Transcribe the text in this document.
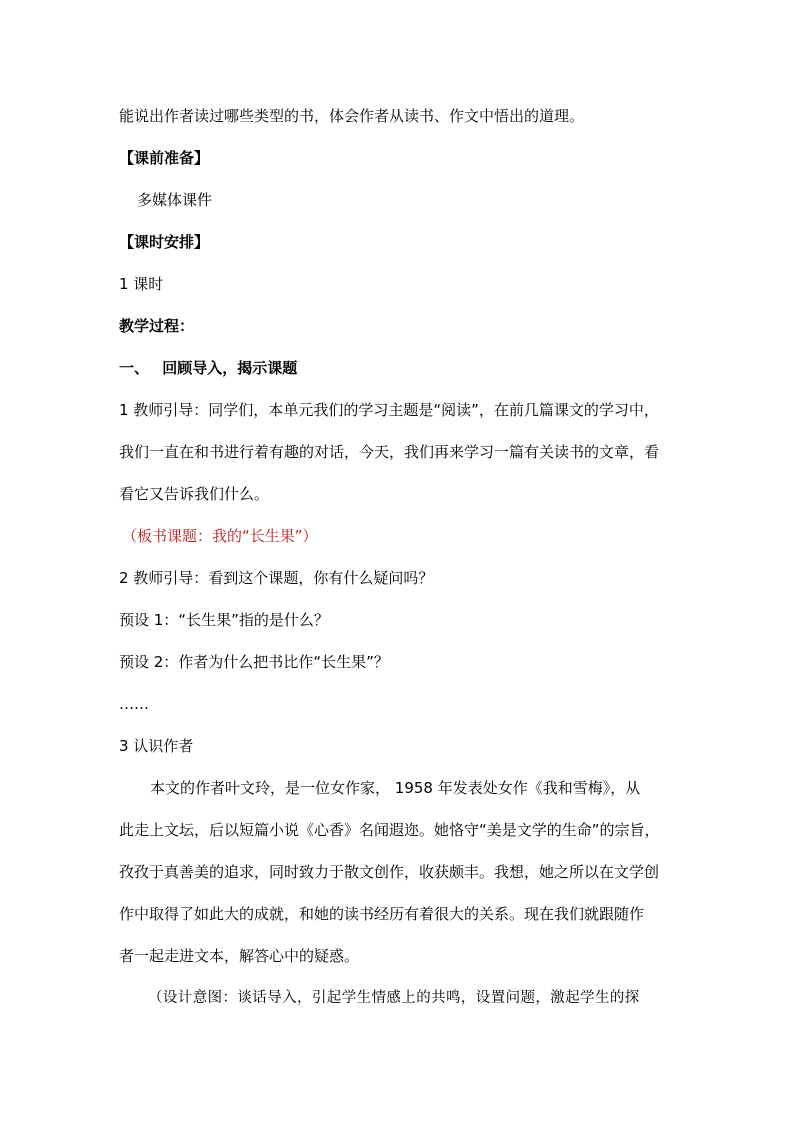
能说出作者读过哪些类型的书，体会作者从读书、作文中悟出的道理。
【课前准备】
多媒体课件
【课时安排】
1 课时
教学过程：
一、 回顾导入，揭示课题
1 教师引导：同学们，本单元我们的学习主题是“阅读”，在前几篇课文的学习中，
我们一直在和书进行着有趣的对话，今天，我们再来学习一篇有关读书的文章，看
看它又告诉我们什么。
（板书课题：我的“长生果”）
2 教师引导：看到这个课题，你有什么疑问吗？
预设 1：“长生果”指的是什么？
预设 2：作者为什么把书比作“长生果”？
……
3 认识作者
本文的作者叶文玲，是一位女作家， 1958 年发表处女作《我和雪梅》，从
此走上文坛，后以短篇小说《心香》名闻遐迩。她恪守“美是文学的生命”的宗旨，
孜孜于真善美的追求，同时致力于散文创作，收获颇丰。我想，她之所以在文学创
作中取得了如此大的成就，和她的读书经历有着很大的关系。现在我们就跟随作
者一起走进文本，解答心中的疑惑。
（设计意图：谈话导入，引起学生情感上的共鸣，设置问题，激起学生的探
